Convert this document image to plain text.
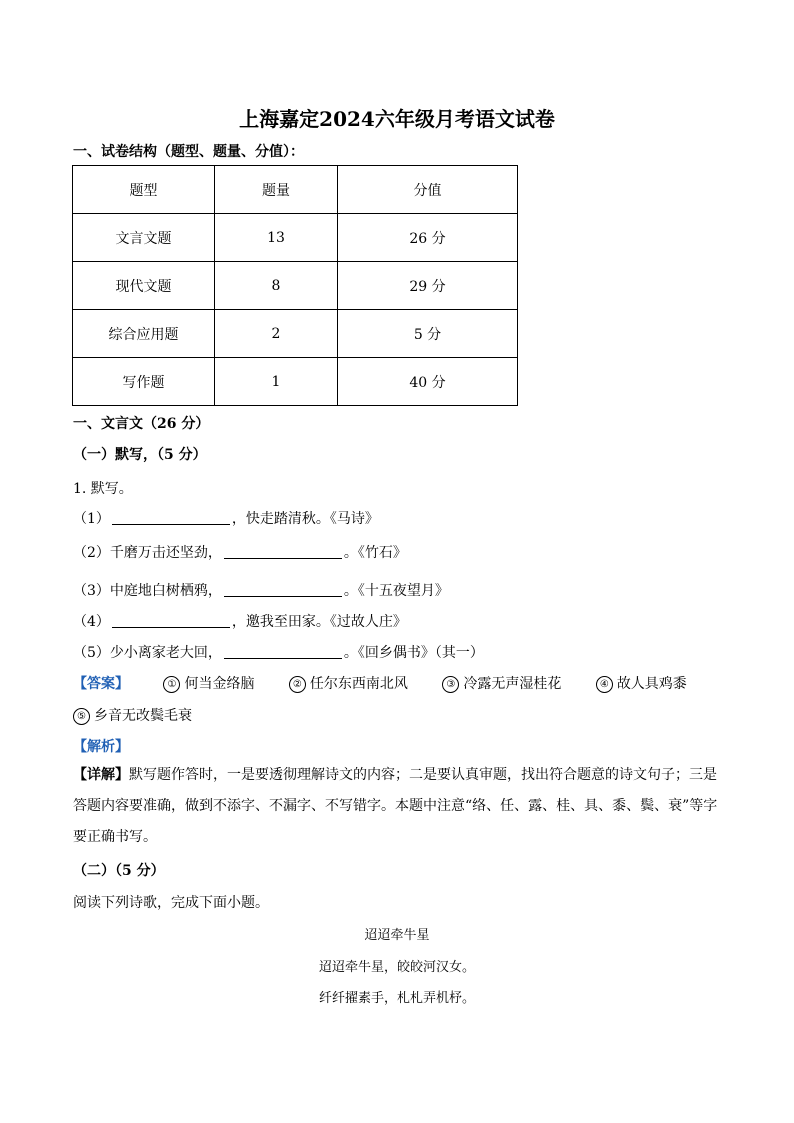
上海嘉定2024六年级月考语文试卷
一、试卷结构（题型、题量、分值）：
题型	题量	分值
文言文题	13	26 分
现代文题	8	29 分
综合应用题	2	5 分
写作题	1	40 分
一、文言文（26 分）
（一）默写，（5 分）
1. 默写。
（1）	，快走踏清秋。《马诗》
（2）千磨万击还坚劲，	。《竹石》
（3）中庭地白树栖鸦，	。《十五夜望月》
（4）	，邀我至田家。《过故人庄》
（5）少小离家老大回，	。《回乡偶书》（其一）
【答案】	① 何当金络脑	② 任尔东西南北风	③ 冷露无声湿桂花	④ 故人具鸡黍
⑤ 乡音无改鬓毛衰
【解析】
【详解】默写题作答时，一是要透彻理解诗文的内容；二是要认真审题，找出符合题意的诗文句子；三是答题内容要准确，做到不添字、不漏字、不写错字。本题中注意“络、任、露、桂、具、黍、鬓、衰”等字要正确书写。
（二）（5 分）
阅读下列诗歌，完成下面小题。
迢迢牵牛星
迢迢牵牛星，皎皎河汉女。
纤纤擢素手，札札弄机杼。
